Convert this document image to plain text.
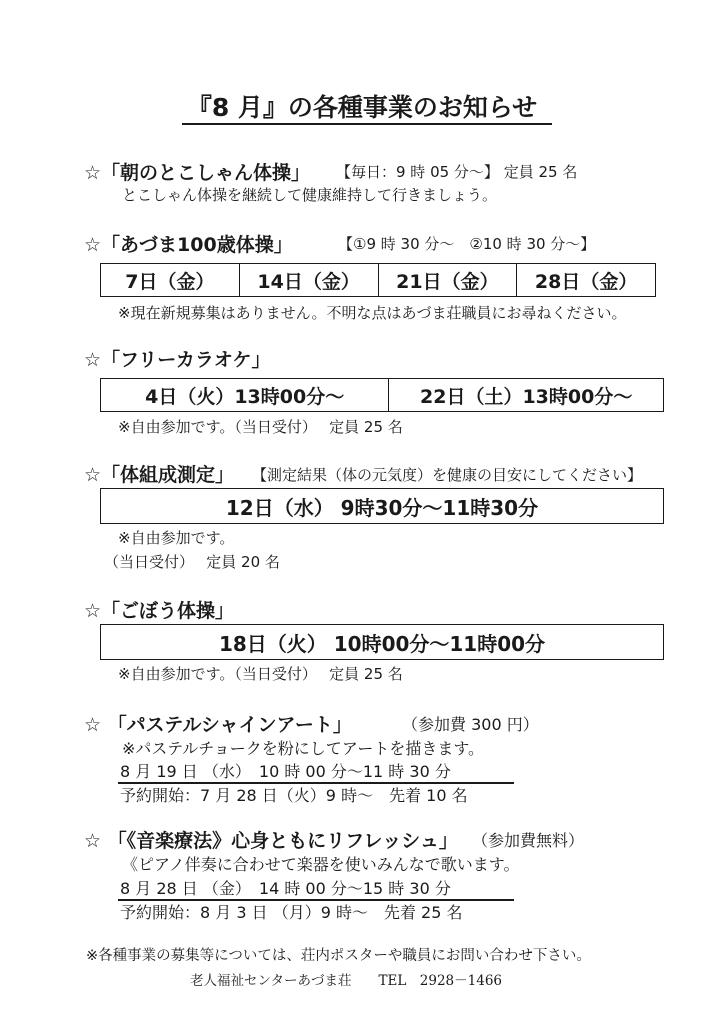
『8 月』の各種事業のお知らせ
☆「朝のとこしゃん体操」 【毎日：9 時 05 分～】 定員 25 名
とこしゃん体操を継続して健康維持して行きましょう。
☆「あづま100歳体操」	【①9 時 30 分～　②10 時 30 分～】
7日（金）	14日（金）	21日（金）	28日（金）
※現在新規募集はありません。不明な点はあづま荘職員にお尋ねください。
☆「フリーカラオケ」
4日（火）13時00分～	22日（土）13時00分～
※自由参加です。（当日受付）　 定員 25 名
☆「体組成測定」 【測定結果（体の元気度）を健康の目安にしてください】
12日（水） 9時30分～11時30分
※自由参加です。
（当日受付）　 定員 20 名
☆「ごぼう体操」
18日（火） 10時00分～11時00分
※自由参加です。（当日受付）　 定員 25 名
☆ 「パステルシャインアート」	（参加費 300 円）
※パステルチョークを粉にしてアートを描きます。
8 月 19 日 （水）　10 時 00 分～11 時 30 分
予約開始：7 月 28 日（火）9 時～　先着 10 名
☆ 「《音楽療法》心身ともにリフレッシュ」 （参加費無料）
《ピアノ伴奏に合わせて楽器を使いみんなで歌います。
8 月 28 日 （金）　14 時 00 分～15 時 30 分
予約開始：8 月 3 日 （月）9 時～　先着 25 名
※各種事業の募集等については、荘内ポスターや職員にお問い合わせ下さい。
老人福祉センターあづま荘　　TEL　2928－1466
